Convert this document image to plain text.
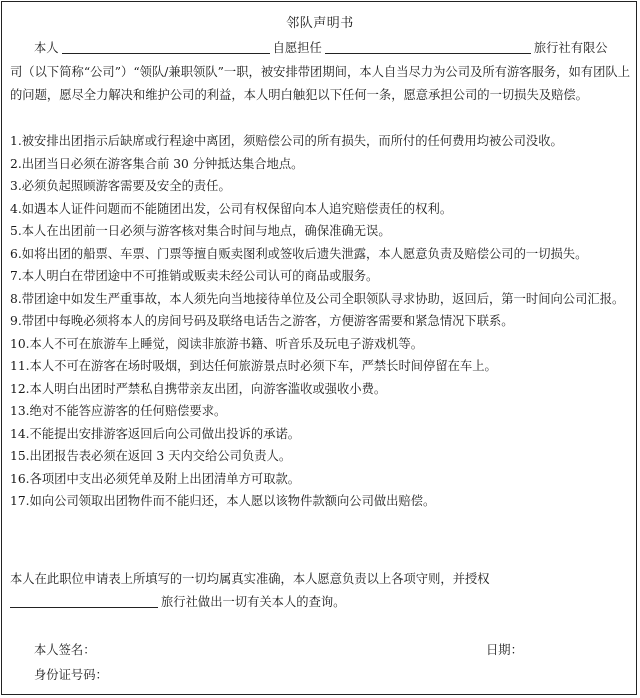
邻队声明书
本人	自愿担任	旅行社有限公
司（以下简称“公司”）“领队/兼职领队”一职，被安排带团期间，本人自当尽力为公司及所有游客服务，如有团队上的问题，愿尽全力解决和维护公司的利益，本人明白触犯以下任何一条，愿意承担公司的一切损失及赔偿。

1.被安排出团指示后缺席或行程途中离团，须赔偿公司的所有损失，而所付的任何费用均被公司没收。

2.出团当日必须在游客集合前 30 分钟抵达集合地点。

3.必须负起照顾游客需要及安全的责任。

4.如遇本人证件问题而不能随团出发，公司有权保留向本人追究赔偿责任的权利。

5.本人在出团前一日必须与游客核对集合时间与地点，确保准确无误。

6.如将出团的船票、车票、门票等擅自贩卖图利或签收后遗失泄露，本人愿意负责及赔偿公司的一切损失。

7.本人明白在带团途中不可推销或贩卖未经公司认可的商品或服务。

8.带团途中如发生严重事故，本人须先向当地接待单位及公司全职领队寻求协助，返回后，第一时间向公司汇报。

9.带团中每晚必须将本人的房间号码及联络电话告之游客，方便游客需要和紧急情况下联系。

10.本人不可在旅游车上睡觉，阅读非旅游书籍、听音乐及玩电子游戏机等。

11.本人不可在游客在场时吸烟，到达任何旅游景点时必须下车，严禁长时间停留在车上。

12.本人明白出团时严禁私自携带亲友出团，向游客滥收或强收小费。

13.绝对不能答应游客的任何赔偿要求。

14.不能提出安排游客返回后向公司做出投诉的承诺。

15.出团报告表必须在返回 3 天内交给公司负责人。

16.各项团中支出必须凭单及附上出团清单方可取款。

17.如向公司领取出团物件而不能归还，本人愿以该物件款额向公司做出赔偿。

本人在此职位申请表上所填写的一切均属真实准确，本人愿意负责以上各项守则，并授权
旅行社做出一切有关本人的查询。
本人签名：	日期：
身份证号码：
